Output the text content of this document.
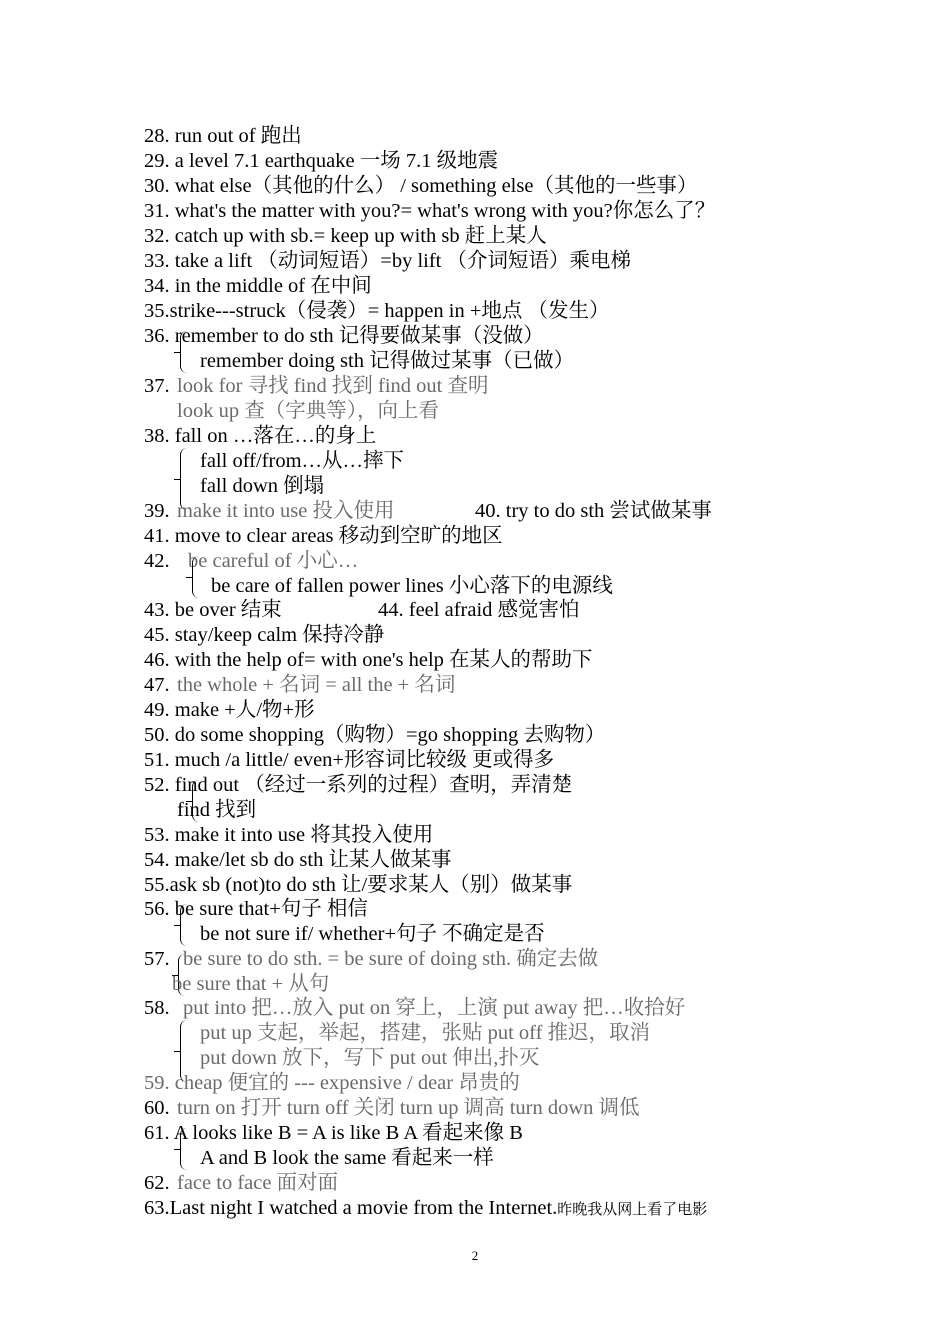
28. run out of 跑出
29. a level 7.1 earthquake 一场 7.1 级地震
30. what else（其他的什么） / something else（其他的一些事）
31. what's the matter with you?= what's wrong with you?你怎么了？
32. catch up with sb.= keep up with sb 赶上某人
33. take a lift （动词短语）=by lift （介词短语）乘电梯
34. in the middle of 在中间
35.strike---struck（侵袭）= happen in +地点 （发生）
36. remember to do sth 记得要做某事（没做）
remember doing sth 记得做过某事（已做）
37. look for 寻找 find 找到 find out 查明
look up 查（字典等），向上看
38. fall on …落在…的身上
fall off/from…从…摔下
fall down 倒塌
39. make it into use 投入使用	40. try to do sth 尝试做某事
41. move to clear areas 移动到空旷的地区
42. be careful of 小心…
be care of fallen power lines 小心落下的电源线
43. be over 结束	44. feel afraid 感觉害怕
45. stay/keep calm 保持冷静
46. with the help of= with one's help 在某人的帮助下
47. the whole + 名词 = all the + 名词
49. make +人/物+形
50. do some shopping（购物）=go shopping 去购物）
51. much /a little/ even+形容词比较级 更或得多
52. find out （经过一系列的过程）查明，弄清楚
find 找到
53. make it into use 将其投入使用
54. make/let sb do sth 让某人做某事
55.ask sb (not)to do sth 让/要求某人（别）做某事
56. be sure that+句子 相信
be not sure if/ whether+句子 不确定是否
57. be sure to do sth. = be sure of doing sth. 确定去做
be sure that + 从句
58. put into 把…放入 put on 穿上，上演 put away 把…收拾好
put up 支起，举起，搭建，张贴 put off 推迟，取消
put down 放下，写下 put out 伸出,扑灭
59. cheap 便宜的 --- expensive / dear 昂贵的
60. turn on 打开 turn off 关闭 turn up 调高 turn down 调低
61. A looks like B = A is like B A 看起来像 B
A and B look the same 看起来一样
62. face to face 面对面
63.Last night I watched a movie from the Internet.昨晚我从网上看了电影
2
